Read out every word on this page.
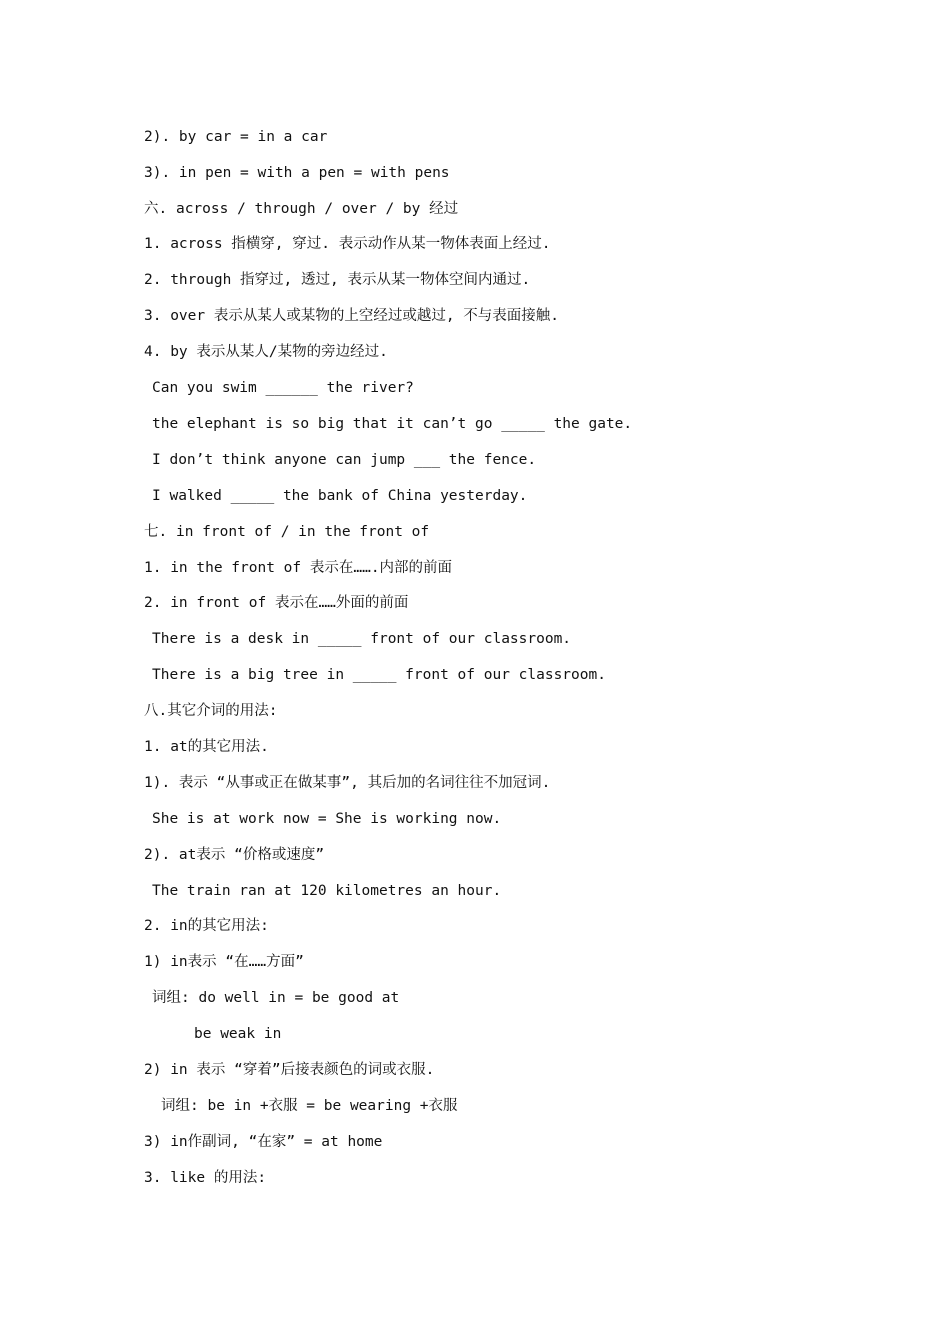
2). by car = in a car
3). in pen = with a pen = with pens
六. across / through / over / by 经过
1. across 指横穿, 穿过. 表示动作从某一物体表面上经过.
2. through 指穿过, 透过, 表示从某一物体空间内通过.
3. over 表示从某人或某物的上空经过或越过, 不与表面接触.
4. by 表示从某人/某物的旁边经过.
Can you swim ______ the river?
the elephant is so big that it can’t go _____ the gate.
I don’t think anyone can jump ___ the fence.
I walked _____ the bank of China yesterday.
七. in front of / in the front of
1. in the front of 表示在…….内部的前面
2. in front of 表示在……外面的前面
There is a desk in _____ front of our classroom.
There is a big tree in _____ front of our classroom.
八.其它介词的用法:
1. at的其它用法.
1). 表示 “从事或正在做某事”, 其后加的名词往往不加冠词.
She is at work now = She is working now.
2). at表示 “价格或速度”
The train ran at 120 kilometres an hour.
2. in的其它用法:
1) in表示 “在……方面”
词组: do well in = be good at
be weak in
2) in 表示 “穿着”后接表颜色的词或衣服.
词组: be in +衣服 = be wearing +衣服
3) in作副词, “在家” = at home
3. like 的用法:
